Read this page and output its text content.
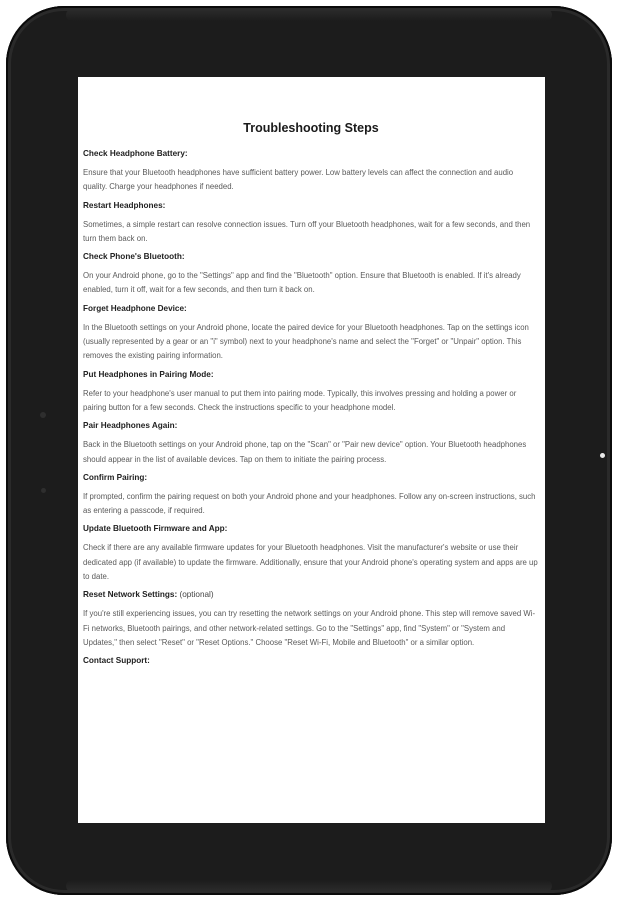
Troubleshooting Steps
Check Headphone Battery:
Ensure that your Bluetooth headphones have sufficient battery power. Low battery levels can affect the connection and audio quality. Charge your headphones if needed.
Restart Headphones:
Sometimes, a simple restart can resolve connection issues. Turn off your Bluetooth headphones, wait for a few seconds, and then turn them back on.
Check Phone's Bluetooth:
On your Android phone, go to the "Settings" app and find the "Bluetooth" option. Ensure that Bluetooth is enabled. If it's already enabled, turn it off, wait for a few seconds, and then turn it back on.
Forget Headphone Device:
In the Bluetooth settings on your Android phone, locate the paired device for your Bluetooth headphones. Tap on the settings icon (usually represented by a gear or an "i" symbol) next to your headphone's name and select the "Forget" or "Unpair" option. This removes the existing pairing information.
Put Headphones in Pairing Mode:
Refer to your headphone's user manual to put them into pairing mode. Typically, this involves pressing and holding a power or pairing button for a few seconds. Check the instructions specific to your headphone model.
Pair Headphones Again:
Back in the Bluetooth settings on your Android phone, tap on the "Scan" or "Pair new device" option. Your Bluetooth headphones should appear in the list of available devices. Tap on them to initiate the pairing process.
Confirm Pairing:
If prompted, confirm the pairing request on both your Android phone and your headphones. Follow any on-screen instructions, such as entering a passcode, if required.
Update Bluetooth Firmware and App:
Check if there are any available firmware updates for your Bluetooth headphones. Visit the manufacturer's website or use their dedicated app (if available) to update the firmware. Additionally, ensure that your Android phone's operating system and apps are up to date.
Reset Network Settings: (optional)
If you're still experiencing issues, you can try resetting the network settings on your Android phone. This step will remove saved Wi-Fi networks, Bluetooth pairings, and other network-related settings. Go to the "Settings" app, find "System" or "System and Updates," then select "Reset" or "Reset Options." Choose "Reset Wi-Fi, Mobile and Bluetooth" or a similar option.
Contact Support:
